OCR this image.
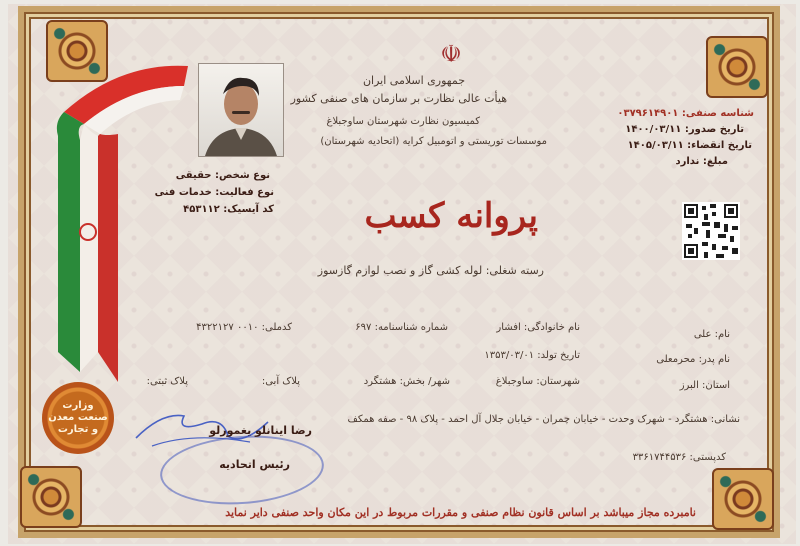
وزارت
صنعت معدن
و تجارت
☫
جمهوری اسلامی ایران
هیأت عالی نظارت بر سازمان های صنفی کشور
کمیسیون نظارت شهرستان ساوجبلاغ
موسسات توریستی و اتومبیل کرایه (اتحادیه شهرستان)
پروانه کسب
رسته شغلی: لوله کشی گاز و نصب لوازم گازسوز
نوع شخص: حقیقی
نوع فعالیت: خدمات فنی
کد آیسیک: ۴۵۳۱۱۲
شناسه صنفی: ۰۳۷۹۶۱۴۹۰۱
تاریخ صدور: ۱۴۰۰/۰۳/۱۱
تاریخ انقضاء: ۱۴۰۵/۰۳/۱۱
مبلغ: ندارد
نام: علی
نام خانوادگی: افشار
شماره شناسنامه: ۶۹۷
کدملی: ۰۰۱۰ ۴۳۲۲۱۲۷
نام پدر: محرمعلی
تاریخ تولد: ۱۳۵۳/۰۳/۰۱
استان: البرز
شهرستان: ساوجبلاغ
شهر/ بخش: هشتگرد
پلاک آبی:
پلاک ثبتی:
نشانی: هشتگرد - شهرک وحدت - خیابان چمران - خیابان جلال آل احمد - پلاک ۹۸ - صفه همکف
کدپستی: ۳۳۶۱۷۴۴۵۳۶
رضا اینانلو یغمورلو
رئیس اتحادیه
نامبرده مجاز میباشد بر اساس قانون نظام صنفی و مقررات مربوط در این مکان واحد صنفی دایر نماید
